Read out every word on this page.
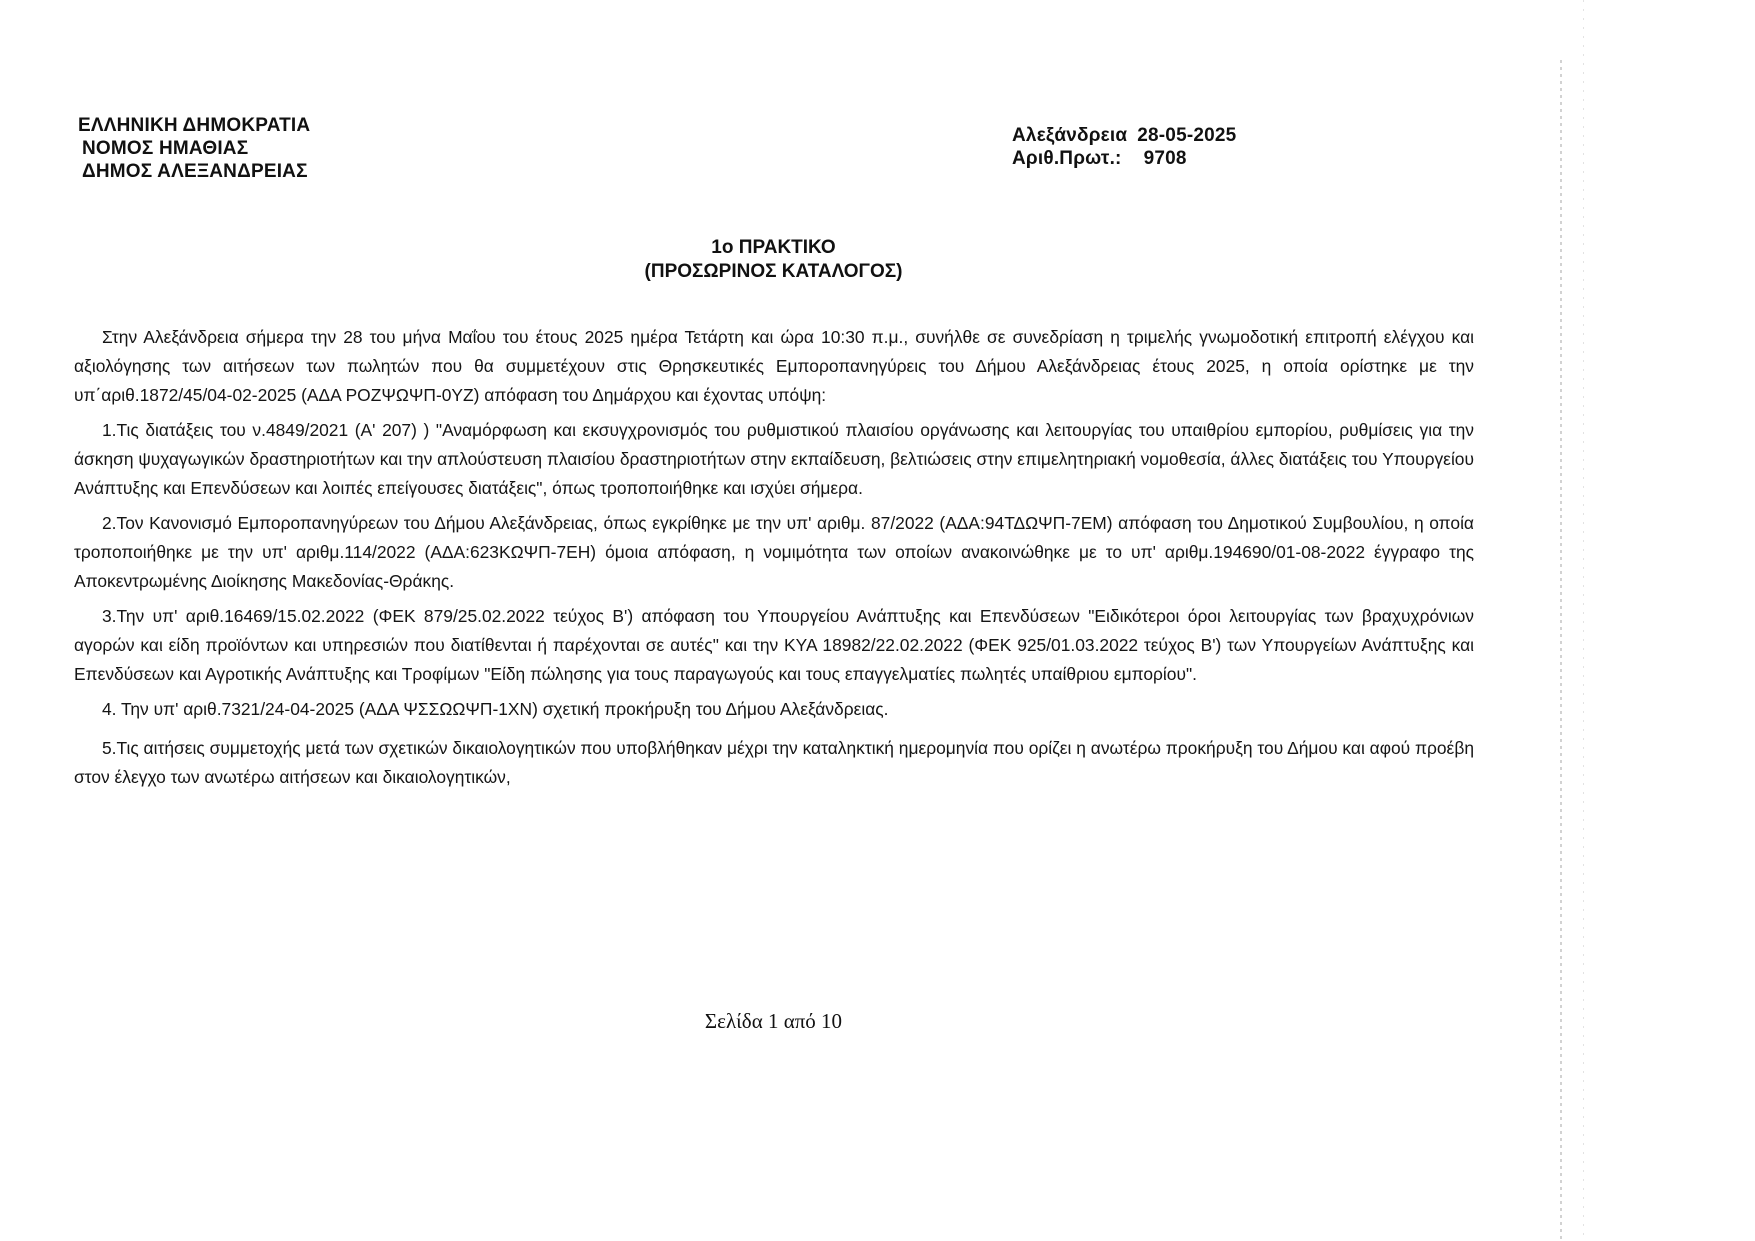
ΕΛΛΗΝΙΚΗ ΔΗΜΟΚΡΑΤΙΑ
ΝΟΜΟΣ ΗΜΑΘΙΑΣ
ΔΗΜΟΣ ΑΛΕΞΑΝΔΡΕΙΑΣ
Αλεξάνδρεια 28-05-2025
Αριθ.Πρωτ.: 9708
1ο ΠΡΑΚΤΙΚΟ
(ΠΡΟΣΩΡΙΝΟΣ ΚΑΤΑΛΟΓΟΣ)

Στην Αλεξάνδρεια σήμερα την 28 του μήνα Μαΐου του έτους 2025 ημέρα Τετάρτη και ώρα 10:30 π.μ., συνήλθε σε συνεδρίαση η τριμελής γνωμοδοτική επιτροπή ελέγχου και αξιολόγησης των αιτήσεων των πωλητών που θα συμμετέχουν στις Θρησκευτικές Εμποροπανηγύρεις του Δήμου Αλεξάνδρειας έτους 2025, η οποία ορίστηκε με την υπ΄αριθ.1872/45/04-02-2025 (ΑΔΑ ΡΟΖΨΩΨΠ-0ΥΖ) απόφαση του Δημάρχου και έχοντας υπόψη:

1.Τις διατάξεις του ν.4849/2021 (Α' 207) ) "Αναμόρφωση και εκσυγχρονισμός του ρυθμιστικού πλαισίου οργάνωσης και λειτουργίας του υπαιθρίου εμπορίου, ρυθμίσεις για την άσκηση ψυχαγωγικών δραστηριοτήτων και την απλούστευση πλαισίου δραστηριοτήτων στην εκπαίδευση, βελτιώσεις στην επιμελητηριακή νομοθεσία, άλλες διατάξεις του Υπουργείου Ανάπτυξης και Επενδύσεων και λοιπές επείγουσες διατάξεις", όπως τροποποιήθηκε και ισχύει σήμερα.

2.Τον Κανονισμό Εμποροπανηγύρεων του Δήμου Αλεξάνδρειας, όπως εγκρίθηκε με την υπ' αριθμ. 87/2022 (ΑΔΑ:94ΤΔΩΨΠ-7ΕΜ) απόφαση του Δημοτικού Συμβουλίου, η οποία τροποποιήθηκε με την υπ' αριθμ.114/2022 (ΑΔΑ:623ΚΩΨΠ-7ΕΗ) όμοια απόφαση, η νομιμότητα των οποίων ανακοινώθηκε με το υπ' αριθμ.194690/01-08-2022 έγγραφο της Αποκεντρωμένης Διοίκησης Μακεδονίας-Θράκης.

3.Την υπ' αριθ.16469/15.02.2022 (ΦΕΚ 879/25.02.2022 τεύχος Β') απόφαση του Υπουργείου Ανάπτυξης και Επενδύσεων "Ειδικότεροι όροι λειτουργίας των βραχυχρόνιων αγορών και είδη προϊόντων και υπηρεσιών που διατίθενται ή παρέχονται σε αυτές" και την ΚΥΑ 18982/22.02.2022 (ΦΕΚ 925/01.03.2022 τεύχος Β') των Υπουργείων Ανάπτυξης και Επενδύσεων και Αγροτικής Ανάπτυξης και Τροφίμων "Είδη πώλησης για τους παραγωγούς και τους επαγγελματίες πωλητές υπαίθριου εμπορίου".

4. Την υπ' αριθ.7321/24-04-2025 (ΑΔΑ ΨΣΣΩΩΨΠ-1ΧΝ) σχετική προκήρυξη του Δήμου Αλεξάνδρειας.

5.Τις αιτήσεις συμμετοχής μετά των σχετικών δικαιολογητικών που υποβλήθηκαν μέχρι την καταληκτική ημερομηνία που ορίζει η ανωτέρω προκήρυξη του Δήμου και αφού προέβη στον έλεγχο των ανωτέρω αιτήσεων και δικαιολογητικών,

Σελίδα 1 από 10
